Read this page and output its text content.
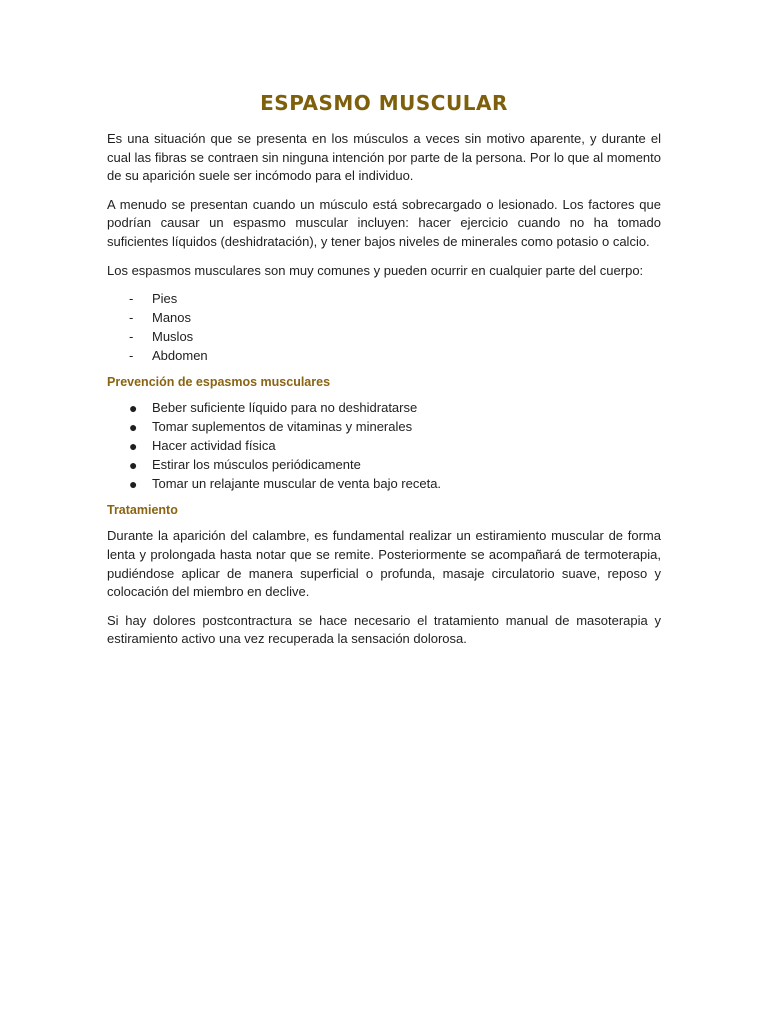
ESPASMO MUSCULAR

Es una situación que se presenta en los músculos a veces sin motivo aparente, y durante el cual las fibras se contraen sin ninguna intención por parte de la persona. Por lo que al momento de su aparición suele ser incómodo para el individuo.

A menudo se presentan cuando un músculo está sobrecargado o lesionado. Los factores que podrían causar un espasmo muscular incluyen: hacer ejercicio cuando no ha tomado suficientes líquidos (deshidratación), y tener bajos niveles de minerales como potasio o calcio.

Los espasmos musculares son muy comunes y pueden ocurrir en cualquier parte del cuerpo:

-	Pies
-	Manos
-	Muslos
-	Abdomen
Prevención de espasmos musculares
● Beber suficiente líquido para no deshidratarse
● Tomar suplementos de vitaminas y minerales
● Hacer actividad física
● Estirar los músculos periódicamente
● Tomar un relajante muscular de venta bajo receta.
Tratamiento

Durante la aparición del calambre, es fundamental realizar un estiramiento muscular de forma lenta y prolongada hasta notar que se remite. Posteriormente se acompañará de termoterapia, pudiéndose aplicar de manera superficial o profunda, masaje circulatorio suave, reposo y colocación del miembro en declive.

Si hay dolores postcontractura se hace necesario el tratamiento manual de masoterapia y estiramiento activo una vez recuperada la sensación dolorosa.
